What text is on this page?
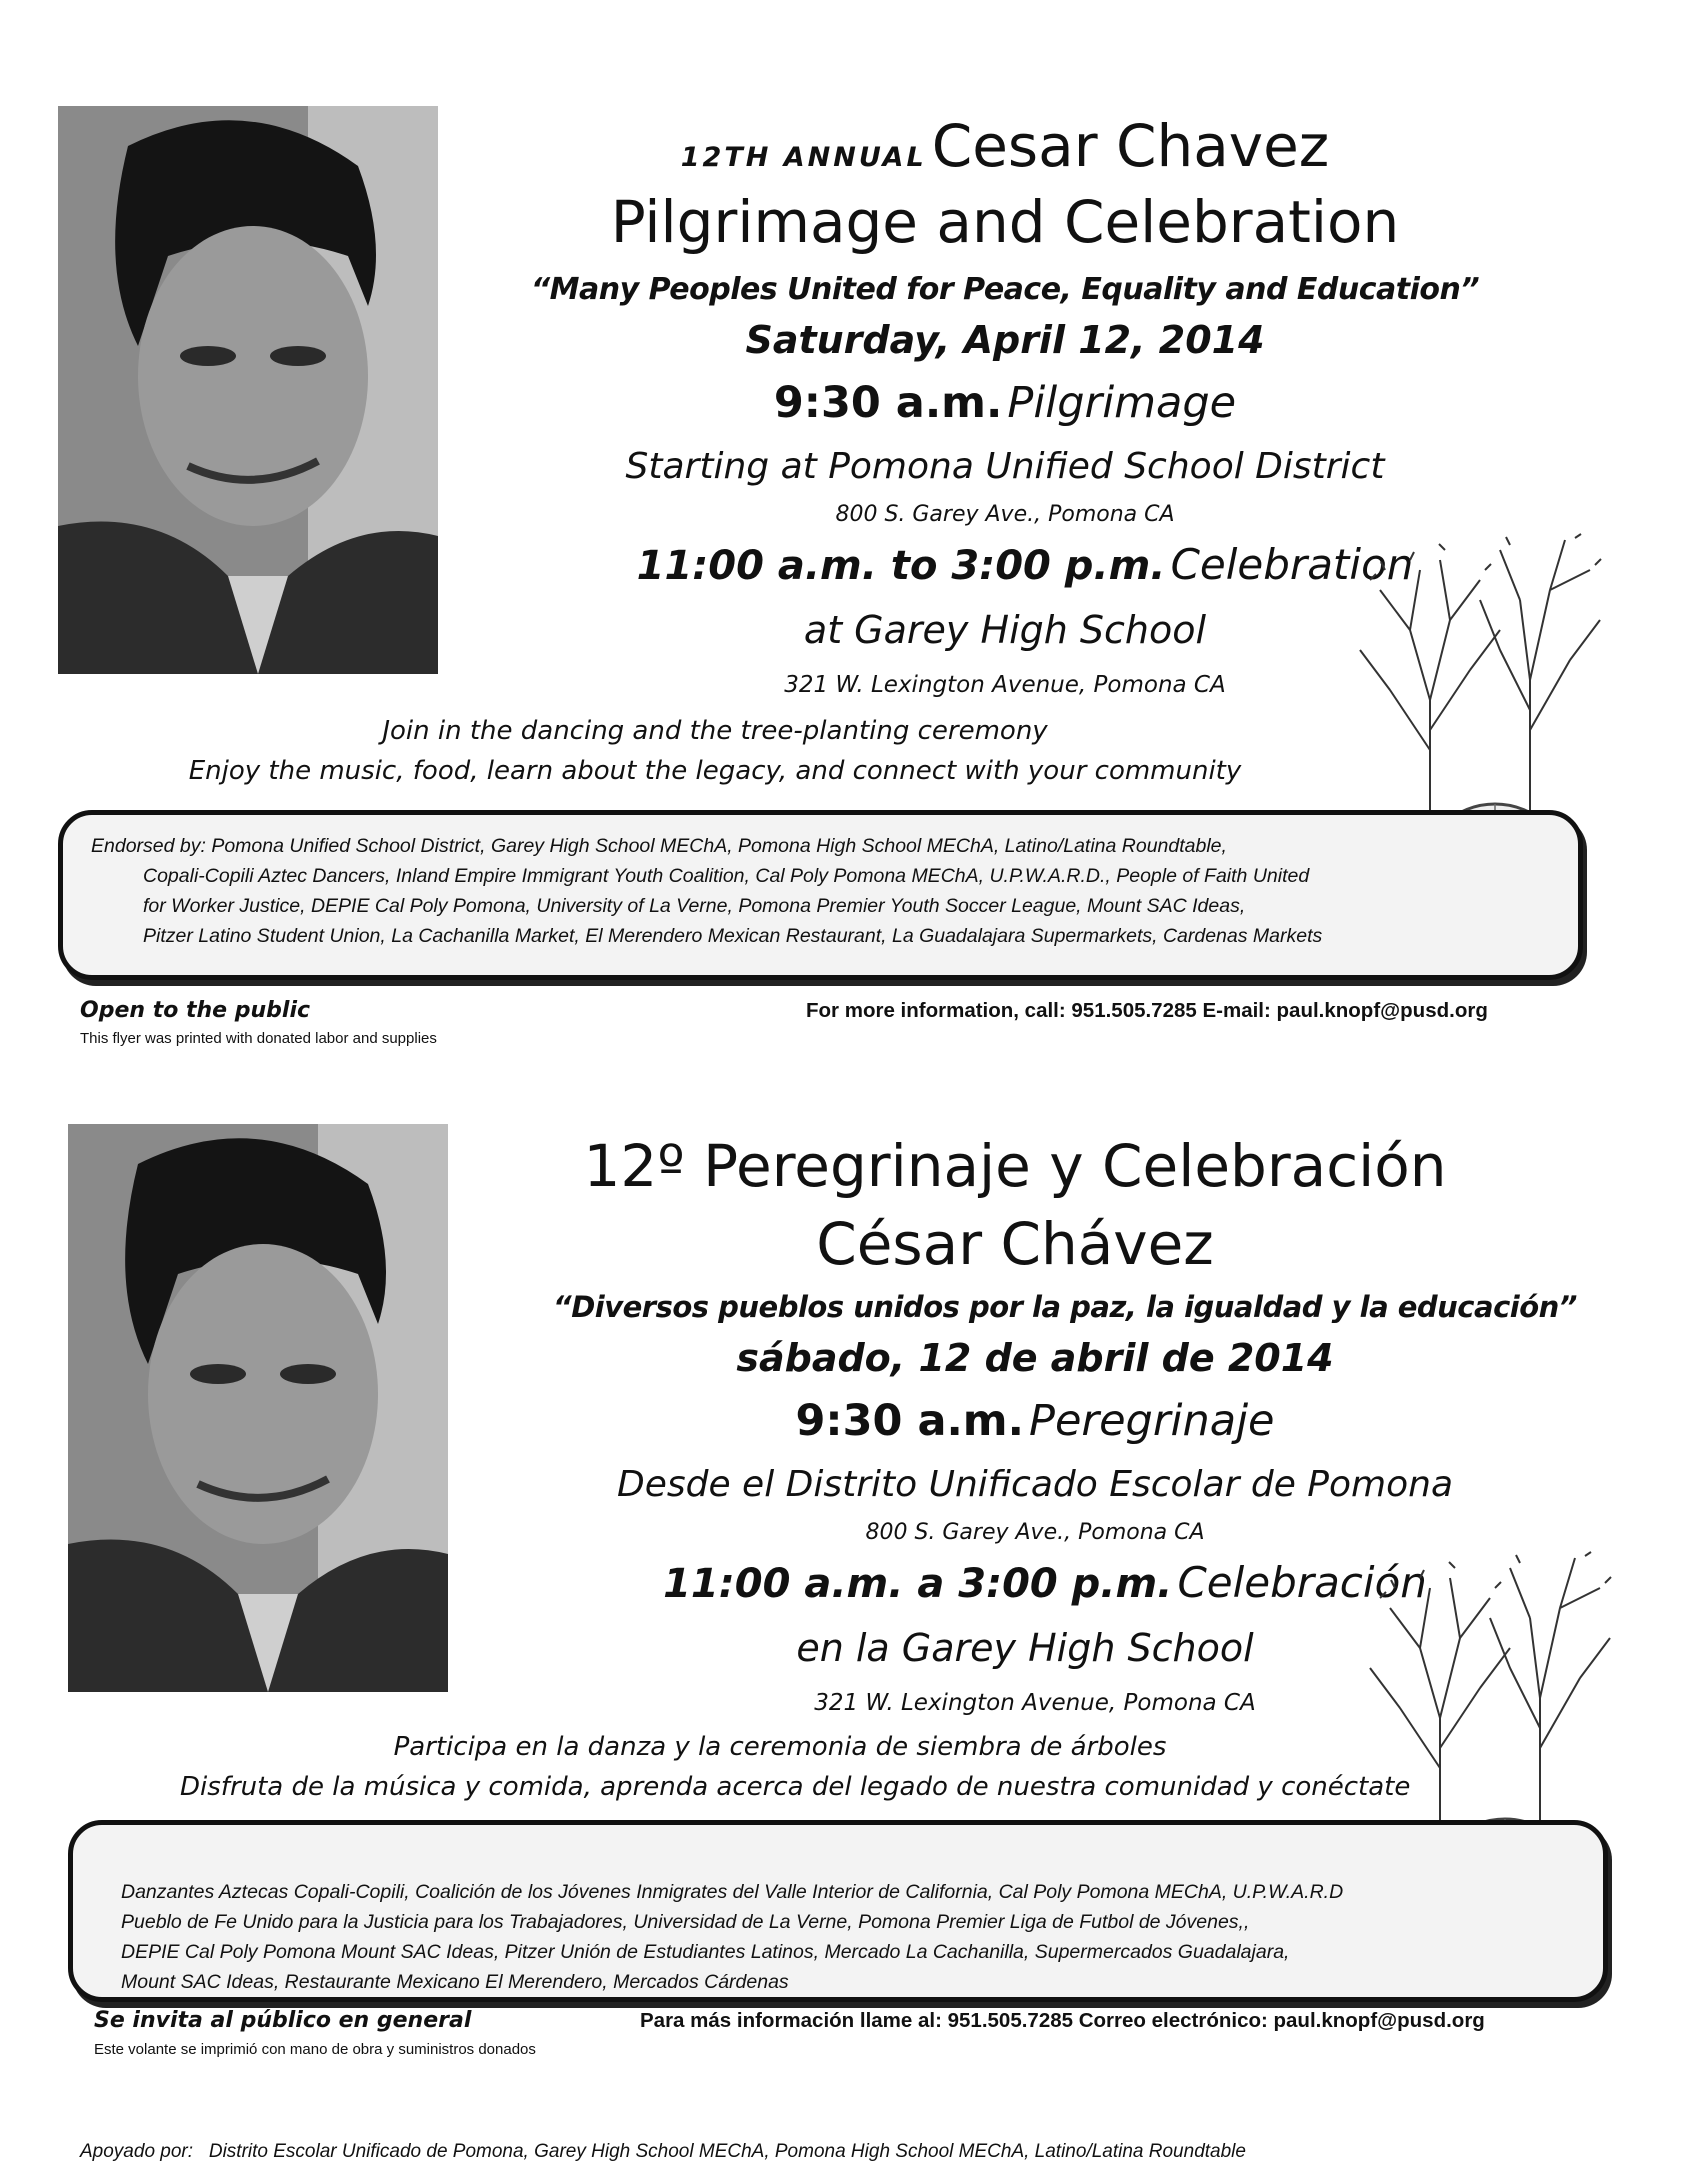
12TH ANNUAL Cesar Chavez
Pilgrimage and Celebration
“Many Peoples United for Peace, Equality and Education”
Saturday, April 12, 2014
9:30 a.m. Pilgrimage
Starting at Pomona Unified School District
800 S. Garey Ave., Pomona CA
11:00 a.m. to 3:00 p.m. Celebration
at Garey High School
321 W. Lexington Avenue, Pomona CA
Join in the dancing and the tree-planting ceremony
Enjoy the music, food, learn about the legacy, and connect with your community
Endorsed by: Pomona Unified School District, Garey High School MEChA, Pomona High School MEChA, Latino/Latina Roundtable,
Copali-Copili Aztec Dancers, Inland Empire Immigrant Youth Coalition, Cal Poly Pomona MEChA, U.P.W.A.R.D., People of Faith United
for Worker Justice, DEPIE Cal Poly Pomona, University of La Verne, Pomona Premier Youth Soccer League, Mount SAC Ideas,
Pitzer Latino Student Union, La Cachanilla Market, El Merendero Mexican Restaurant, La Guadalajara Supermarkets, Cardenas Markets
Open to the public
This flyer was printed with donated labor and supplies
For more information, call: 951.505.7285 E-mail: paul.knopf@pusd.org
12º Peregrinaje y Celebración
César Chávez
“Diversos pueblos unidos por la paz, la igualdad y la educación”
sábado, 12 de abril de 2014
9:30 a.m. Peregrinaje
Desde el Distrito Unificado Escolar de Pomona
800 S. Garey Ave., Pomona CA
11:00 a.m. a 3:00 p.m. Celebración
en la Garey High School
321 W. Lexington Avenue, Pomona CA
Participa en la danza y la ceremonia de siembra de árboles
Disfruta de la música y comida, aprenda acerca del legado de nuestra comunidad y conéctate
Danzantes Aztecas Copali-Copili, Coalición de los Jóvenes Inmigrates del Valle Interior de California, Cal Poly Pomona MEChA, U.P.W.A.R.D
Pueblo de Fe Unido para la Justicia para los Trabajadores, Universidad de La Verne, Pomona Premier Liga de Futbol de Jóvenes,,
DEPIE Cal Poly Pomona Mount SAC Ideas, Pitzer Unión de Estudiantes Latinos, Mercado La Cachanilla, Supermercados Guadalajara,
Mount SAC Ideas, Restaurante Mexicano El Merendero, Mercados Cárdenas
Se invita al público en general
Este volante se imprimió con mano de obra y suministros donados
Para más información llame al: 951.505.7285 Correo electrónico: paul.knopf@pusd.org
Apoyado por:   Distrito Escolar Unificado de Pomona, Garey High School MEChA, Pomona High School MEChA, Latino/Latina Roundtable
